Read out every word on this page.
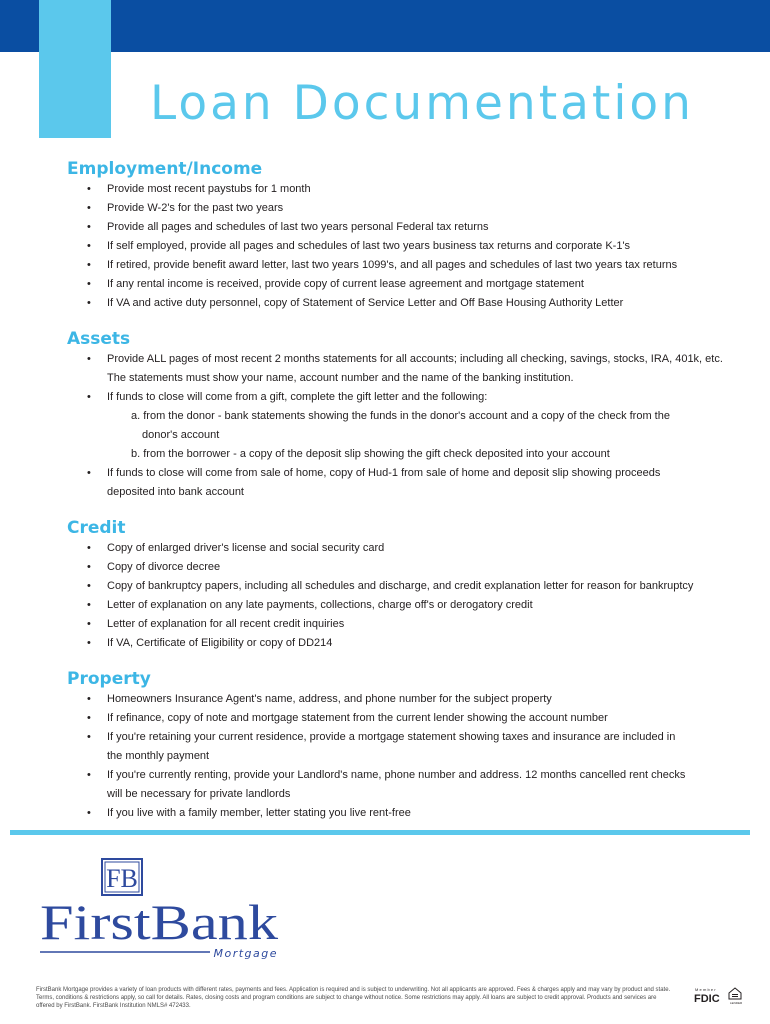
Loan Documentation
Employment/Income
• Provide most recent paystubs for 1 month
• Provide W-2's for the past two years
• Provide all pages and schedules of last two years personal Federal tax returns
• If self employed, provide all pages and schedules of last two years business tax returns and corporate K-1's
• If retired, provide benefit award letter, last two years 1099's, and all pages and schedules of last two years tax returns
• If any rental income is received, provide copy of current lease agreement and mortgage statement
• If VA and active duty personnel, copy of Statement of Service Letter and Off Base Housing Authority Letter
Assets
• Provide ALL pages of most recent 2 months statements for all accounts; including all checking, savings, stocks, IRA, 401k, etc.
The statements must show your name, account number and the name of the banking institution.
• If funds to close will come from a gift, complete the gift letter and the following:
a. from the donor - bank statements showing the funds in the donor's account and a copy of the check from the
donor's account
b. from the borrower - a copy of the deposit slip showing the gift check deposited into your account
• If funds to close will come from sale of home, copy of Hud-1 from sale of home and deposit slip showing proceeds
deposited into bank account
Credit
• Copy of enlarged driver's license and social security card
• Copy of divorce decree
• Copy of bankruptcy papers, including all schedules and discharge, and credit explanation letter for reason for bankruptcy
• Letter of explanation on any late payments, collections, charge off's or derogatory credit
• Letter of explanation for all recent credit inquiries
• If VA, Certificate of Eligibility or copy of DD214
Property
• Homeowners Insurance Agent's name, address, and phone number for the subject property
• If refinance, copy of note and mortgage statement from the current lender showing the account number
• If you're retaining your current residence, provide a mortgage statement showing taxes and insurance are included in
the monthly payment
• If you're currently renting, provide your Landlord's name, phone number and address. 12 months cancelled rent checks
will be necessary for private landlords
• If you live with a family member, letter stating you live rent-free
FB
FirstBank
Mortgage
FirstBank Mortgage provides a variety of loan products with different rates, payments and fees. Application is required and is subject to underwriting. Not all applicants are approved. Fees & charges apply and may vary by product and state.
Terms, conditions & restrictions apply, so call for details. Rates, closing costs and program conditions are subject to change without notice. Some restrictions may apply. All loans are subject to credit approval. Products and services are
offered by FirstBank. FirstBank Institution NMLS# 472433.
Member
FDIC	LENDER
